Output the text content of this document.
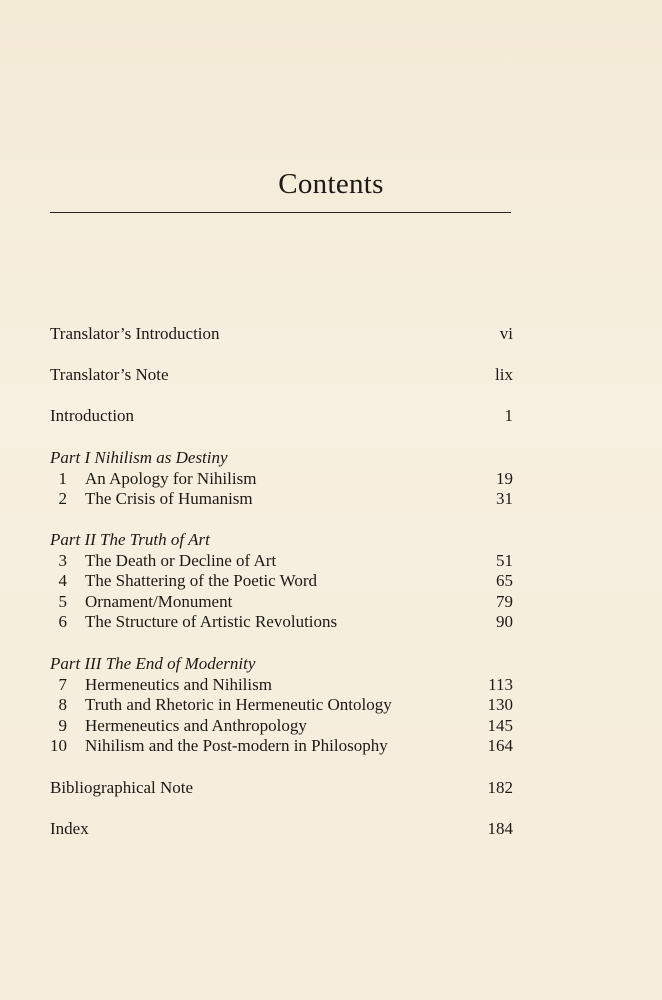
Contents
Translator’s Introduction	vi
Translator’s Note	lix
Introduction	1
Part I Nihilism as Destiny
1 An Apology for Nihilism	19
2 The Crisis of Humanism	31
Part II The Truth of Art
3 The Death or Decline of Art	51
4 The Shattering of the Poetic Word	65
5 Ornament/Monument	79
6 The Structure of Artistic Revolutions	90
Part III The End of Modernity
7 Hermeneutics and Nihilism	113
8 Truth and Rhetoric in Hermeneutic Ontology	130
9 Hermeneutics and Anthropology	145
10 Nihilism and the Post-modern in Philosophy	164
Bibliographical Note	182
Index	184
